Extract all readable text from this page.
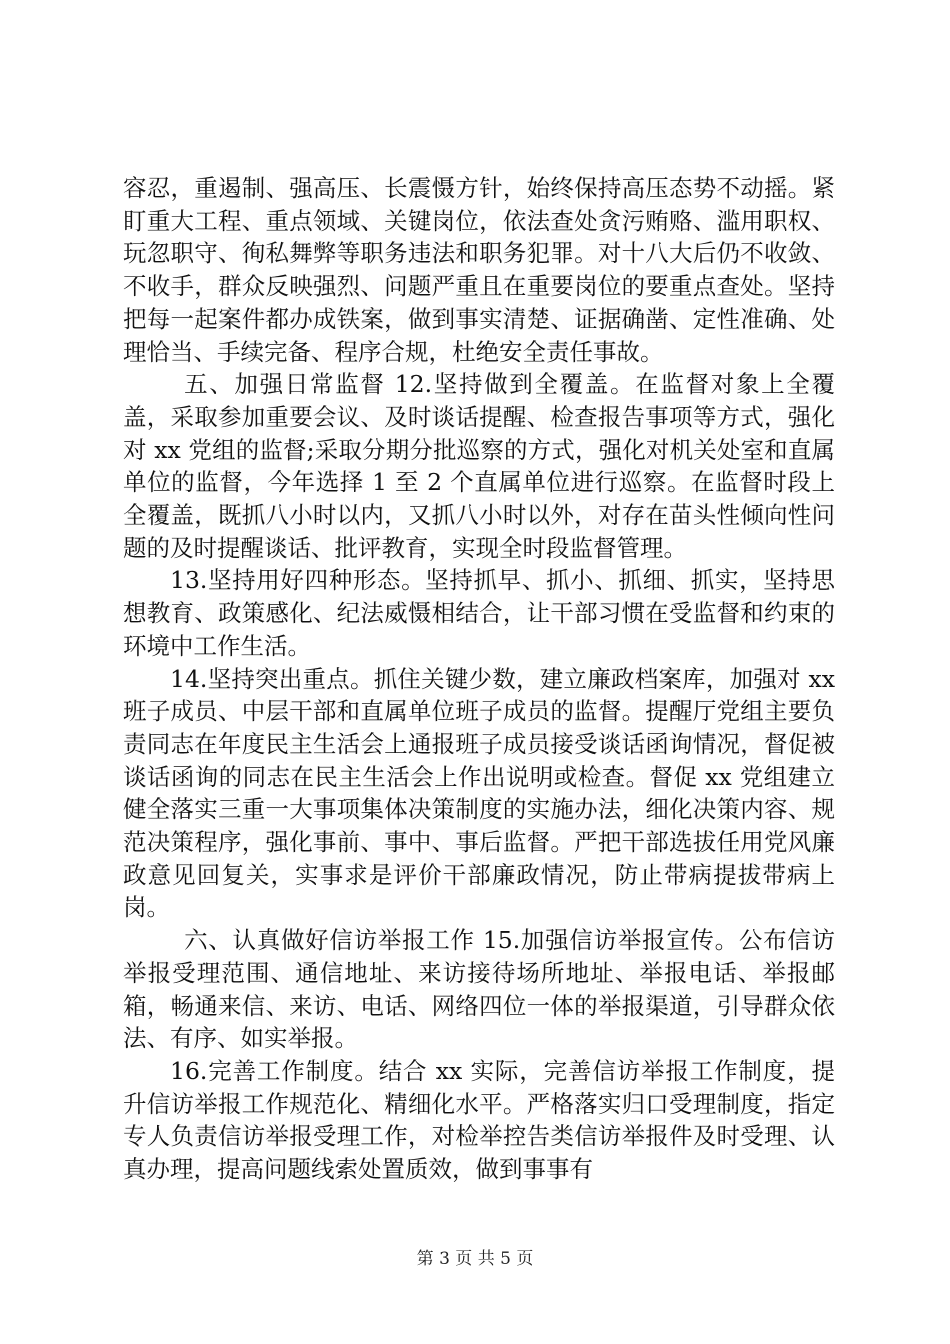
容忍，重遏制、强高压、长震慑方针，始终保持高压态势不动摇。紧盯重大工程、重点领域、关键岗位，依法查处贪污贿赂、滥用职权、玩忽职守、徇私舞弊等职务违法和职务犯罪。对十八大后仍不收敛、不收手，群众反映强烈、问题严重且在重要岗位的要重点查处。坚持把每一起案件都办成铁案，做到事实清楚、证据确凿、定性准确、处理恰当、手续完备、程序合规，杜绝安全责任事故。

五、加强日常监督 12.坚持做到全覆盖。在监督对象上全覆盖，采取参加重要会议、及时谈话提醒、检查报告事项等方式，强化对 xx 党组的监督;采取分期分批巡察的方式，强化对机关处室和直属单位的监督，今年选择 1 至 2 个直属单位进行巡察。在监督时段上全覆盖，既抓八小时以内，又抓八小时以外，对存在苗头性倾向性问题的及时提醒谈话、批评教育，实现全时段监督管理。

13.坚持用好四种形态。坚持抓早、抓小、抓细、抓实，坚持思想教育、政策感化、纪法威慑相结合，让干部习惯在受监督和约束的环境中工作生活。

14.坚持突出重点。抓住关键少数，建立廉政档案库，加强对 xx 班子成员、中层干部和直属单位班子成员的监督。提醒厅党组主要负责同志在年度民主生活会上通报班子成员接受谈话函询情况，督促被谈话函询的同志在民主生活会上作出说明或检查。督促 xx 党组建立健全落实三重一大事项集体决策制度的实施办法，细化决策内容、规范决策程序，强化事前、事中、事后监督。严把干部选拔任用党风廉政意见回复关，实事求是评价干部廉政情况，防止带病提拔带病上岗。

六、认真做好信访举报工作 15.加强信访举报宣传。公布信访举报受理范围、通信地址、来访接待场所地址、举报电话、举报邮箱，畅通来信、来访、电话、网络四位一体的举报渠道，引导群众依法、有序、如实举报。

16.完善工作制度。结合 xx 实际，完善信访举报工作制度，提升信访举报工作规范化、精细化水平。严格落实归口受理制度，指定专人负责信访举报受理工作，对检举控告类信访举报件及时受理、认真办理，提高问题线索处置质效，做到事事有

第 3 页 共 5 页
